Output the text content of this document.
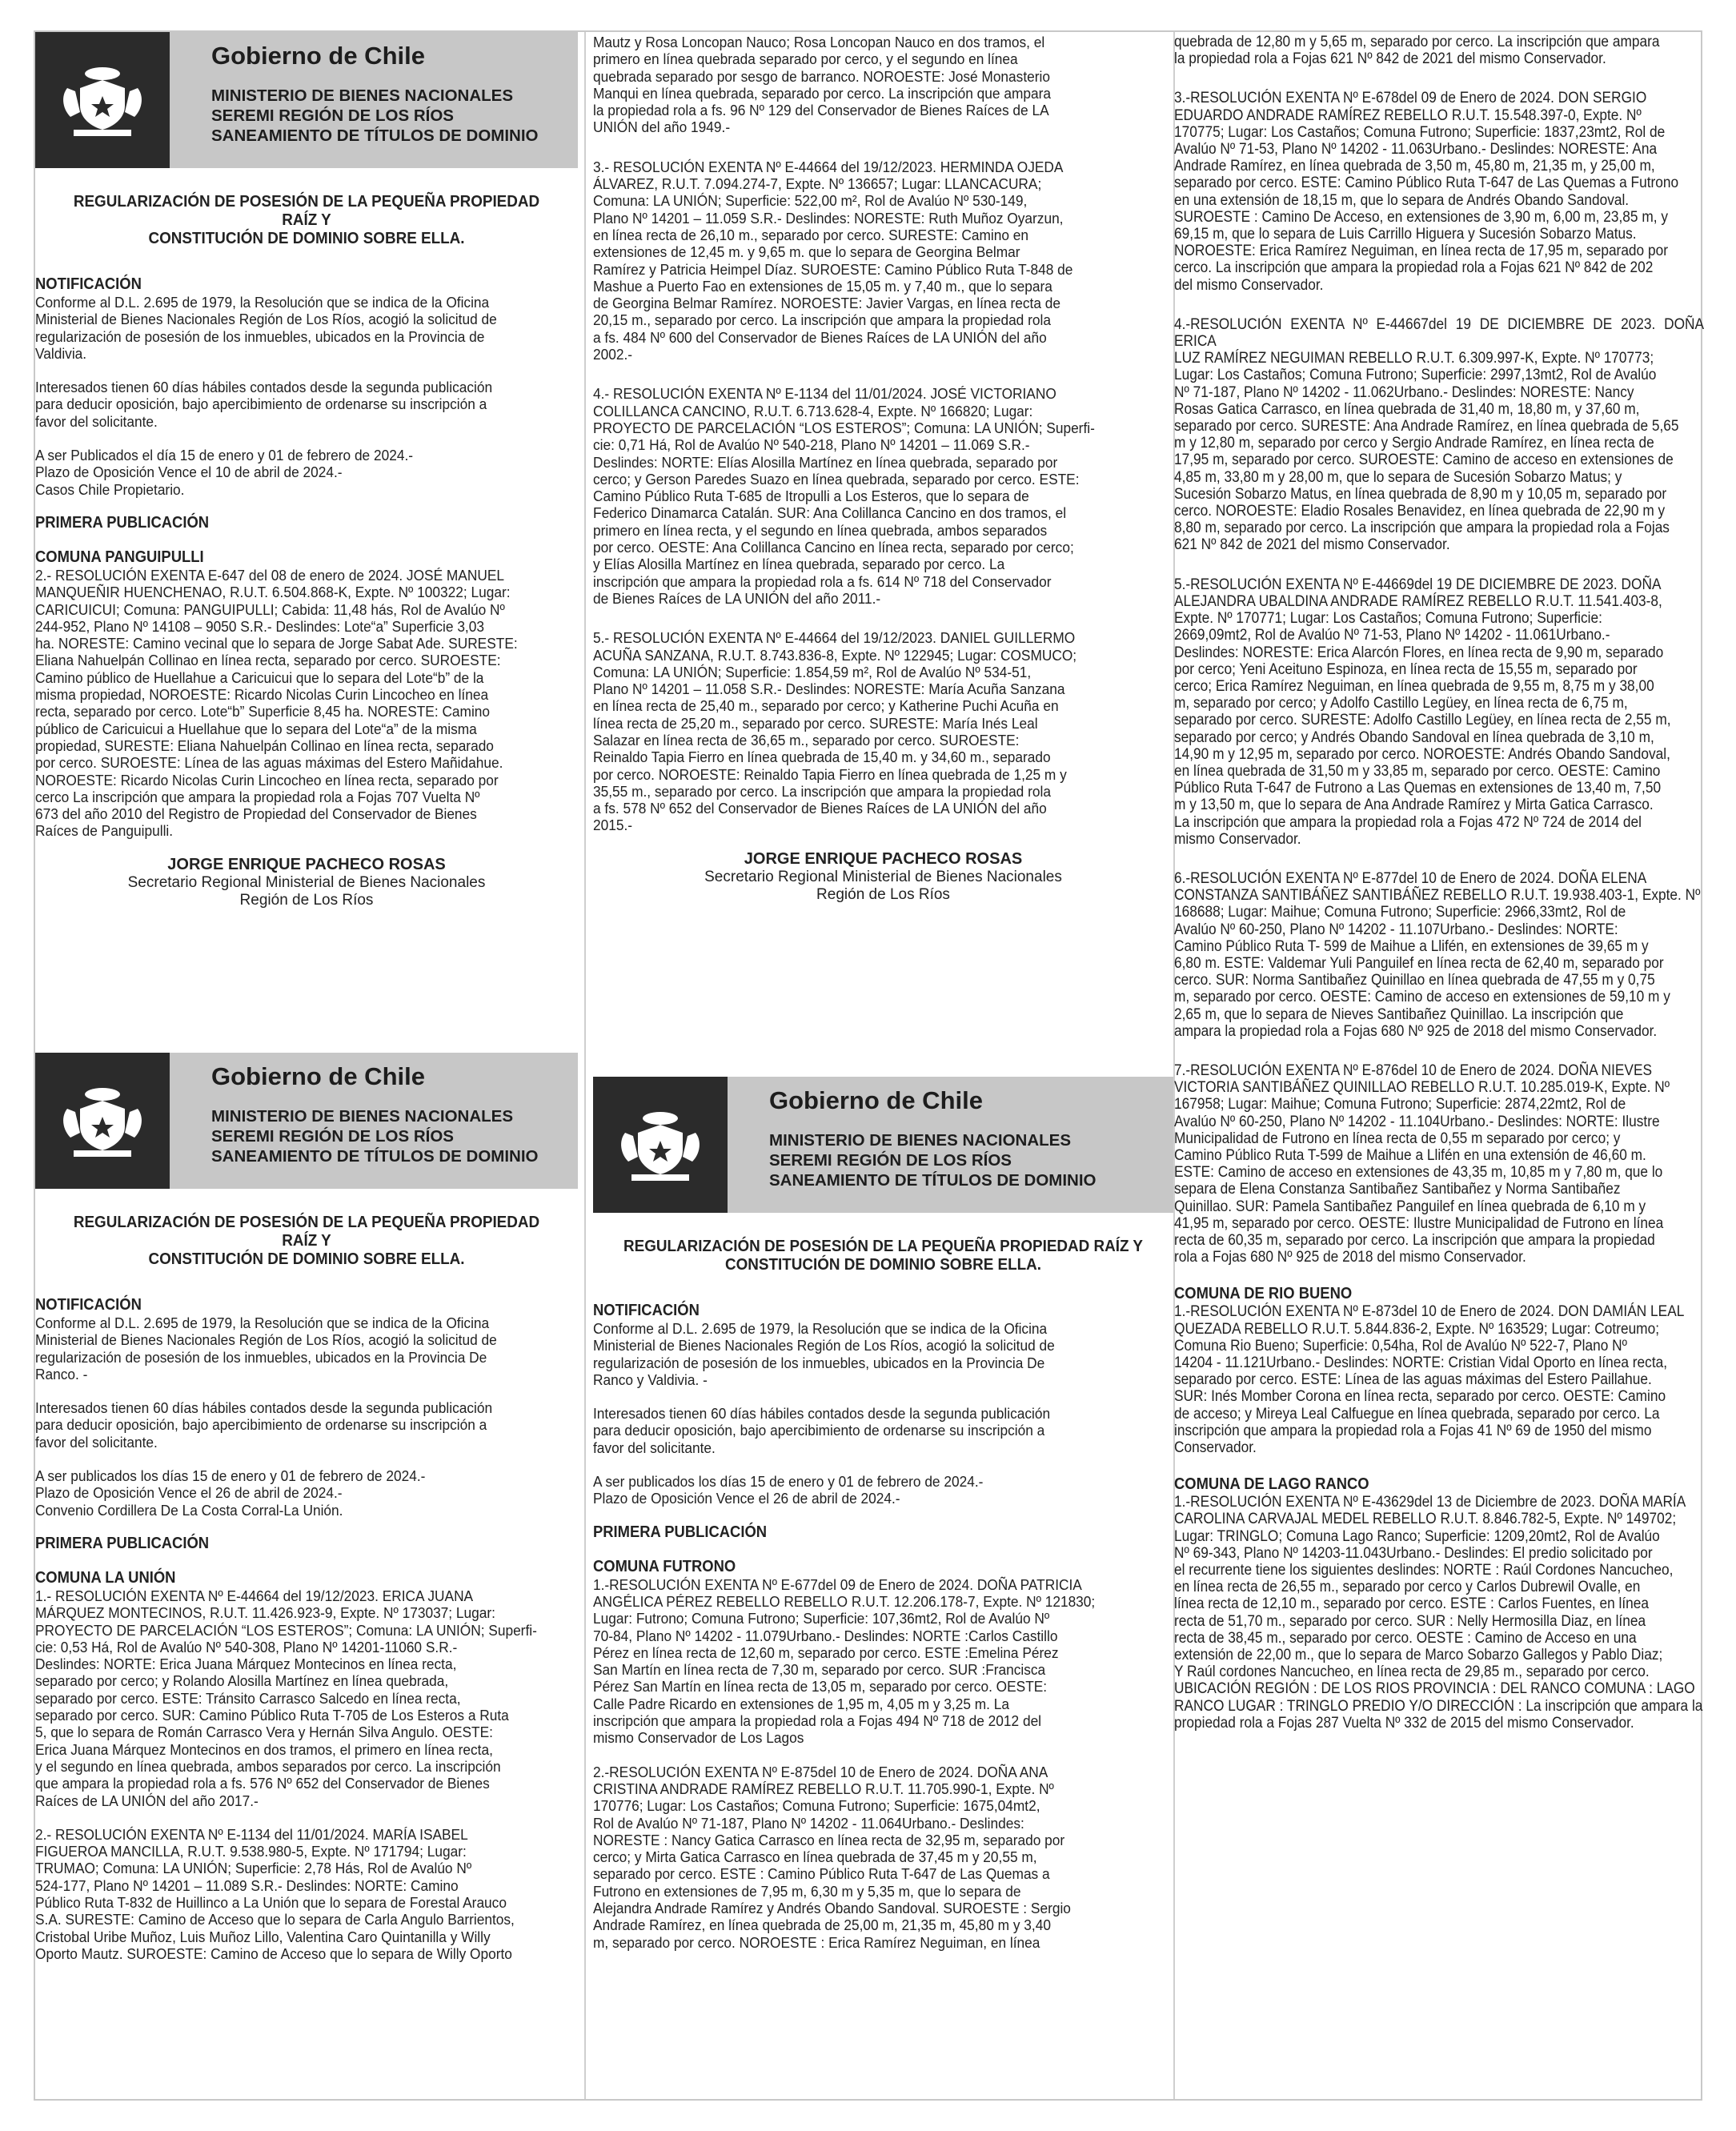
Gobierno de Chile
MINISTERIO DE BIENES NACIONALES
SEREMI REGIÓN DE LOS RÍOS
SANEAMIENTO DE TÍTULOS DE DOMINIO

REGULARIZACIÓN DE POSESIÓN DE LA PEQUEÑA PROPIEDAD RAÍZ Y
CONSTITUCIÓN DE DOMINIO SOBRE ELLA.

NOTIFICACIÓN

Conforme al D.L. 2.695 de 1979, la Resolución que se indica de la Oficina
Ministerial de Bienes Nacionales Región de Los Ríos, acogió la solicitud de
regularización de posesión de los inmuebles, ubicados en la Provincia de
Valdivia.

Interesados tienen 60 días hábiles contados desde la segunda publicación
para deducir oposición, bajo apercibimiento de ordenarse su inscripción a
favor del solicitante.

A ser Publicados el día 15 de enero y 01 de febrero de 2024.-
Plazo de Oposición Vence el 10 de abril de 2024.-
Casos Chile Propietario.

PRIMERA PUBLICACIÓN
COMUNA PANGUIPULLI

2.- RESOLUCIÓN EXENTA E-647 del 08 de enero de 2024. JOSÉ MANUEL
MANQUEÑIR HUENCHENAO, R.U.T. 6.504.868-K, Expte. Nº 100322; Lugar:
CARICUICUI; Comuna: PANGUIPULLI; Cabida: 11,48 hás, Rol de Avalúo Nº
244-952, Plano Nº 14108 – 9050 S.R.- Deslindes: Lote“a” Superficie 3,03
ha. NORESTE: Camino vecinal que lo separa de Jorge Sabat Ade. SURESTE:
Eliana Nahuelpán Collinao en línea recta, separado por cerco. SUROESTE:
Camino público de Huellahue a Caricuicui que lo separa del Lote“b” de la
misma propiedad, NOROESTE: Ricardo Nicolas Curin Lincocheo en línea
recta, separado por cerco. Lote“b” Superficie 8,45 ha. NORESTE: Camino
público de Caricuicui a Huellahue que lo separa del Lote“a” de la misma
propiedad, SURESTE: Eliana Nahuelpán Collinao en línea recta, separado
por cerco. SUROESTE: Línea de las aguas máximas del Estero Mañidahue.
NOROESTE: Ricardo Nicolas Curin Lincocheo en línea recta, separado por
cerco La inscripción que ampara la propiedad rola a Fojas 707 Vuelta Nº
673 del año 2010 del Registro de Propiedad del Conservador de Bienes
Raíces de Panguipulli.

JORGE ENRIQUE PACHECO ROSAS
Secretario Regional Ministerial de Bienes Nacionales
Región de Los Ríos
Gobierno de Chile
MINISTERIO DE BIENES NACIONALES
SEREMI REGIÓN DE LOS RÍOS
SANEAMIENTO DE TÍTULOS DE DOMINIO

REGULARIZACIÓN DE POSESIÓN DE LA PEQUEÑA PROPIEDAD RAÍZ Y
CONSTITUCIÓN DE DOMINIO SOBRE ELLA.

NOTIFICACIÓN

Conforme al D.L. 2.695 de 1979, la Resolución que se indica de la Oficina
Ministerial de Bienes Nacionales Región de Los Ríos, acogió la solicitud de
regularización de posesión de los inmuebles, ubicados en la Provincia De
Ranco. -

Interesados tienen 60 días hábiles contados desde la segunda publicación
para deducir oposición, bajo apercibimiento de ordenarse su inscripción a
favor del solicitante.

A ser publicados los días 15 de enero y 01 de febrero de 2024.-
Plazo de Oposición Vence el 26 de abril de 2024.-
Convenio Cordillera De La Costa Corral-La Unión.

PRIMERA PUBLICACIÓN
COMUNA LA UNIÓN

1.- RESOLUCIÓN EXENTA Nº E-44664 del 19/12/2023. ERICA JUANA
MÁRQUEZ MONTECINOS, R.U.T. 11.426.923-9, Expte. Nº 173037; Lugar:
PROYECTO DE PARCELACIÓN “LOS ESTEROS”; Comuna: LA UNIÓN; Superfi-
cie: 0,53 Há, Rol de Avalúo Nº 540-308, Plano Nº 14201-11060 S.R.-
Deslindes: NORTE: Erica Juana Márquez Montecinos en línea recta,
separado por cerco; y Rolando Alosilla Martínez en línea quebrada,
separado por cerco. ESTE: Tránsito Carrasco Salcedo en línea recta,
separado por cerco. SUR: Camino Público Ruta T-705 de Los Esteros a Ruta
5, que lo separa de Román Carrasco Vera y Hernán Silva Angulo. OESTE:
Erica Juana Márquez Montecinos en dos tramos, el primero en línea recta,
y el segundo en línea quebrada, ambos separados por cerco. La inscripción
que ampara la propiedad rola a fs. 576 Nº 652 del Conservador de Bienes
Raíces de LA UNIÓN del año 2017.-

2.- RESOLUCIÓN EXENTA Nº E-1134 del 11/01/2024. MARÍA ISABEL
FIGUEROA MANCILLA, R.U.T. 9.538.980-5, Expte. Nº 171794; Lugar:
TRUMAO; Comuna: LA UNIÓN; Superficie: 2,78 Hás, Rol de Avalúo Nº
524-177, Plano Nº 14201 – 11.089 S.R.- Deslindes: NORTE: Camino
Público Ruta T-832 de Huillinco a La Unión que lo separa de Forestal Arauco
S.A. SURESTE: Camino de Acceso que lo separa de Carla Angulo Barrientos,
Cristobal Uribe Muñoz, Luis Muñoz Lillo, Valentina Caro Quintanilla y Willy
Oporto Mautz. SUROESTE: Camino de Acceso que lo separa de Willy Oporto

Mautz y Rosa Loncopan Nauco; Rosa Loncopan Nauco en dos tramos, el
primero en línea quebrada separado por cerco, y el segundo en línea
quebrada separado por sesgo de barranco. NOROESTE: José Monasterio
Manqui en línea quebrada, separado por cerco. La inscripción que ampara
la propiedad rola a fs. 96 Nº 129 del Conservador de Bienes Raíces de LA
UNIÓN del año 1949.-

3.- RESOLUCIÓN EXENTA Nº E-44664 del 19/12/2023. HERMINDA OJEDA
ÁLVAREZ, R.U.T. 7.094.274-7, Expte. Nº 136657; Lugar: LLANCACURA;
Comuna: LA UNIÓN; Superficie: 522,00 m², Rol de Avalúo Nº 530-149,
Plano Nº 14201 – 11.059 S.R.- Deslindes: NORESTE: Ruth Muñoz Oyarzun,
en línea recta de 26,10 m., separado por cerco. SURESTE: Camino en
extensiones de 12,45 m. y 9,65 m. que lo separa de Georgina Belmar
Ramírez y Patricia Heimpel Díaz. SUROESTE: Camino Público Ruta T-848 de
Mashue a Puerto Fao en extensiones de 15,05 m. y 7,40 m., que lo separa
de Georgina Belmar Ramírez. NOROESTE: Javier Vargas, en línea recta de
20,15 m., separado por cerco. La inscripción que ampara la propiedad rola
a fs. 484 Nº 600 del Conservador de Bienes Raíces de LA UNIÓN del año
2002.-

4.- RESOLUCIÓN EXENTA Nº E-1134 del 11/01/2024. JOSÉ VICTORIANO
COLILLANCA CANCINO, R.U.T. 6.713.628-4, Expte. Nº 166820; Lugar:
PROYECTO DE PARCELACIÓN “LOS ESTEROS”; Comuna: LA UNIÓN; Superfi-
cie: 0,71 Há, Rol de Avalúo Nº 540-218, Plano Nº 14201 – 11.069 S.R.-
Deslindes: NORTE: Elías Alosilla Martínez en línea quebrada, separado por
cerco; y Gerson Paredes Suazo en línea quebrada, separado por cerco. ESTE:
Camino Público Ruta T-685 de Itropulli a Los Esteros, que lo separa de
Federico Dinamarca Catalán. SUR: Ana Colillanca Cancino en dos tramos, el
primero en línea recta, y el segundo en línea quebrada, ambos separados
por cerco. OESTE: Ana Colillanca Cancino en línea recta, separado por cerco;
y Elías Alosilla Martínez en línea quebrada, separado por cerco. La
inscripción que ampara la propiedad rola a fs. 614 Nº 718 del Conservador
de Bienes Raíces de LA UNIÓN del año 2011.-

5.- RESOLUCIÓN EXENTA Nº E-44664 del 19/12/2023. DANIEL GUILLERMO
ACUÑA SANZANA, R.U.T. 8.743.836-8, Expte. Nº 122945; Lugar: COSMUCO;
Comuna: LA UNIÓN; Superficie: 1.854,59 m², Rol de Avalúo Nº 534-51,
Plano Nº 14201 – 11.058 S.R.- Deslindes: NORESTE: María Acuña Sanzana
en línea recta de 25,40 m., separado por cerco; y Katherine Puchi Acuña en
línea recta de 25,20 m., separado por cerco. SURESTE: María Inés Leal
Salazar en línea recta de 36,65 m., separado por cerco. SUROESTE:
Reinaldo Tapia Fierro en línea quebrada de 15,40 m. y 34,60 m., separado
por cerco. NOROESTE: Reinaldo Tapia Fierro en línea quebrada de 1,25 m y
35,55 m., separado por cerco. La inscripción que ampara la propiedad rola
a fs. 578 Nº 652 del Conservador de Bienes Raíces de LA UNIÓN del año
2015.-

JORGE ENRIQUE PACHECO ROSAS
Secretario Regional Ministerial de Bienes Nacionales
Región de Los Ríos
Gobierno de Chile
MINISTERIO DE BIENES NACIONALES
SEREMI REGIÓN DE LOS RÍOS
SANEAMIENTO DE TÍTULOS DE DOMINIO

REGULARIZACIÓN DE POSESIÓN DE LA PEQUEÑA PROPIEDAD RAÍZ Y
CONSTITUCIÓN DE DOMINIO SOBRE ELLA.

NOTIFICACIÓN

Conforme al D.L. 2.695 de 1979, la Resolución que se indica de la Oficina
Ministerial de Bienes Nacionales Región de Los Ríos, acogió la solicitud de
regularización de posesión de los inmuebles, ubicados en la Provincia De
Ranco y Valdivia. -

Interesados tienen 60 días hábiles contados desde la segunda publicación
para deducir oposición, bajo apercibimiento de ordenarse su inscripción a
favor del solicitante.

A ser publicados los días 15 de enero y 01 de febrero de 2024.-
Plazo de Oposición Vence el 26 de abril de 2024.-

PRIMERA PUBLICACIÓN
COMUNA FUTRONO

1.-RESOLUCIÓN EXENTA Nº E-677del 09 de Enero de 2024. DOÑA PATRICIA
ANGÉLICA PÉREZ REBELLO REBELLO R.U.T. 12.206.178-7, Expte. Nº 121830;
Lugar: Futrono; Comuna Futrono; Superficie: 107,36mt2, Rol de Avalúo Nº
70-84, Plano Nº 14202 - 11.079Urbano.- Deslindes: NORTE :Carlos Castillo
Pérez en línea recta de 12,60 m, separado por cerco. ESTE :Emelina Pérez
San Martín en línea recta de 7,30 m, separado por cerco. SUR :Francisca
Pérez San Martín en línea recta de 13,05 m, separado por cerco. OESTE:
Calle Padre Ricardo en extensiones de 1,95 m, 4,05 m y 3,25 m. La
inscripción que ampara la propiedad rola a Fojas 494 Nº 718 de 2012 del
mismo Conservador de Los Lagos

2.-RESOLUCIÓN EXENTA Nº E-875del 10 de Enero de 2024. DOÑA ANA
CRISTINA ANDRADE RAMÍREZ REBELLO R.U.T. 11.705.990-1, Expte. Nº
170776; Lugar: Los Castaños; Comuna Futrono; Superficie: 1675,04mt2,
Rol de Avalúo Nº 71-187, Plano Nº 14202 - 11.064Urbano.- Deslindes:
NORESTE : Nancy Gatica Carrasco en línea recta de 32,95 m, separado por
cerco; y Mirta Gatica Carrasco en línea quebrada de 37,45 m y 20,55 m,
separado por cerco. ESTE : Camino Público Ruta T-647 de Las Quemas a
Futrono en extensiones de 7,95 m, 6,30 m y 5,35 m, que lo separa de
Alejandra Andrade Ramírez y Andrés Obando Sandoval. SUROESTE : Sergio
Andrade Ramírez, en línea quebrada de 25,00 m, 21,35 m, 45,80 m y 3,40
m, separado por cerco. NOROESTE : Erica Ramírez Neguiman, en línea

quebrada de 12,80 m y 5,65 m, separado por cerco. La inscripción que ampara
la propiedad rola a Fojas 621 Nº 842 de 2021 del mismo Conservador.

3.-RESOLUCIÓN EXENTA Nº E-678del 09 de Enero de 2024. DON SERGIO
EDUARDO ANDRADE RAMÍREZ REBELLO R.U.T. 15.548.397-0, Expte. Nº
170775; Lugar: Los Castaños; Comuna Futrono; Superficie: 1837,23mt2, Rol de
Avalúo Nº 71-53, Plano Nº 14202 - 11.063Urbano.- Deslindes: NORESTE: Ana
Andrade Ramírez, en línea quebrada de 3,50 m, 45,80 m, 21,35 m, y 25,00 m,
separado por cerco. ESTE: Camino Público Ruta T-647 de Las Quemas a Futrono
en una extensión de 18,15 m, que lo separa de Andrés Obando Sandoval.
SUROESTE : Camino De Acceso, en extensiones de 3,90 m, 6,00 m, 23,85 m, y
69,15 m, que lo separa de Luis Carrillo Higuera y Sucesión Sobarzo Matus.
NOROESTE: Erica Ramírez Neguiman, en línea recta de 17,95 m, separado por
cerco. La inscripción que ampara la propiedad rola a Fojas 621 Nº 842 de 202
del mismo Conservador.

4.-RESOLUCIÓN EXENTA Nº E-44667del 19 DE DICIEMBRE DE 2023. DOÑA ERICA
LUZ RAMÍREZ NEGUIMAN REBELLO R.U.T. 6.309.997-K, Expte. Nº 170773;
Lugar: Los Castaños; Comuna Futrono; Superficie: 2997,13mt2, Rol de Avalúo
Nº 71-187, Plano Nº 14202 - 11.062Urbano.- Deslindes: NORESTE: Nancy
Rosas Gatica Carrasco, en línea quebrada de 31,40 m, 18,80 m, y 37,60 m,
separado por cerco. SURESTE: Ana Andrade Ramírez, en línea quebrada de 5,65
m y 12,80 m, separado por cerco y Sergio Andrade Ramírez, en línea recta de
17,95 m, separado por cerco. SUROESTE: Camino de acceso en extensiones de
4,85 m, 33,80 m y 28,00 m, que lo separa de Sucesión Sobarzo Matus; y
Sucesión Sobarzo Matus, en línea quebrada de 8,90 m y 10,05 m, separado por
cerco. NOROESTE: Eladio Rosales Benavidez, en línea quebrada de 22,90 m y
8,80 m, separado por cerco. La inscripción que ampara la propiedad rola a Fojas
621 Nº 842 de 2021 del mismo Conservador.

5.-RESOLUCIÓN EXENTA Nº E-44669del 19 DE DICIEMBRE DE 2023. DOÑA
ALEJANDRA UBALDINA ANDRADE RAMÍREZ REBELLO R.U.T. 11.541.403-8,
Expte. Nº 170771; Lugar: Los Castaños; Comuna Futrono; Superficie:
2669,09mt2, Rol de Avalúo Nº 71-53, Plano Nº 14202 - 11.061Urbano.-
Deslindes: NORESTE: Erica Alarcón Flores, en línea recta de 9,90 m, separado
por cerco; Yeni Aceituno Espinoza, en línea recta de 15,55 m, separado por
cerco; Erica Ramírez Neguiman, en línea quebrada de 9,55 m, 8,75 m y 38,00
m, separado por cerco; y Adolfo Castillo Legüey, en línea recta de 6,75 m,
separado por cerco. SURESTE: Adolfo Castillo Legüey, en línea recta de 2,55 m,
separado por cerco; y Andrés Obando Sandoval en línea quebrada de 3,10 m,
14,90 m y 12,95 m, separado por cerco. NOROESTE: Andrés Obando Sandoval,
en línea quebrada de 31,50 m y 33,85 m, separado por cerco. OESTE: Camino
Público Ruta T-647 de Futrono a Las Quemas en extensiones de 13,40 m, 7,50
m y 13,50 m, que lo separa de Ana Andrade Ramírez y Mirta Gatica Carrasco.
La inscripción que ampara la propiedad rola a Fojas 472 Nº 724 de 2014 del
mismo Conservador.

6.-RESOLUCIÓN EXENTA Nº E-877del 10 de Enero de 2024. DOÑA ELENA
CONSTANZA SANTIBÁÑEZ SANTIBÁÑEZ REBELLO R.U.T. 19.938.403-1, Expte. Nº
168688; Lugar: Maihue; Comuna Futrono; Superficie: 2966,33mt2, Rol de
Avalúo Nº 60-250, Plano Nº 14202 - 11.107Urbano.- Deslindes: NORTE:
Camino Público Ruta T- 599 de Maihue a Llifén, en extensiones de 39,65 m y
6,80 m. ESTE: Valdemar Yuli Panguilef en línea recta de 62,40 m, separado por
cerco. SUR: Norma Santibañez Quinillao en línea quebrada de 47,55 m y 0,75
m, separado por cerco. OESTE: Camino de acceso en extensiones de 59,10 m y
2,65 m, que lo separa de Nieves Santibañez Quinillao. La inscripción que
ampara la propiedad rola a Fojas 680 Nº 925 de 2018 del mismo Conservador.

7.-RESOLUCIÓN EXENTA Nº E-876del 10 de Enero de 2024. DOÑA NIEVES
VICTORIA SANTIBÁÑEZ QUINILLAO REBELLO R.U.T. 10.285.019-K, Expte. Nº
167958; Lugar: Maihue; Comuna Futrono; Superficie: 2874,22mt2, Rol de
Avalúo Nº 60-250, Plano Nº 14202 - 11.104Urbano.- Deslindes: NORTE: Ilustre
Municipalidad de Futrono en línea recta de 0,55 m separado por cerco; y
Camino Público Ruta T-599 de Maihue a Llifén en una extensión de 46,60 m.
ESTE: Camino de acceso en extensiones de 43,35 m, 10,85 m y 7,80 m, que lo
separa de Elena Constanza Santibañez Santibañez y Norma Santibañez
Quinillao. SUR: Pamela Santibañez Panguilef en línea quebrada de 6,10 m y
41,95 m, separado por cerco. OESTE: Ilustre Municipalidad de Futrono en línea
recta de 60,35 m, separado por cerco. La inscripción que ampara la propiedad
rola a Fojas 680 Nº 925 de 2018 del mismo Conservador.

COMUNA DE RIO BUENO

1.-RESOLUCIÓN EXENTA Nº E-873del 10 de Enero de 2024. DON DAMIÁN LEAL
QUEZADA REBELLO R.U.T. 5.844.836-2, Expte. Nº 163529; Lugar: Cotreumo;
Comuna Rio Bueno; Superficie: 0,54ha, Rol de Avalúo Nº 522-7, Plano Nº
14204 - 11.121Urbano.- Deslindes: NORTE: Cristian Vidal Oporto en línea recta,
separado por cerco. ESTE: Línea de las aguas máximas del Estero Paillahue.
SUR: Inés Momber Corona en línea recta, separado por cerco. OESTE: Camino
de acceso; y Mireya Leal Calfuegue en línea quebrada, separado por cerco. La
inscripción que ampara la propiedad rola a Fojas 41 Nº 69 de 1950 del mismo
Conservador.

COMUNA DE LAGO RANCO

1.-RESOLUCIÓN EXENTA Nº E-43629del 13 de Diciembre de 2023. DOÑA MARÍA
CAROLINA CARVAJAL MEDEL REBELLO R.U.T. 8.846.782-5, Expte. Nº 149702;
Lugar: TRINGLO; Comuna Lago Ranco; Superficie: 1209,20mt2, Rol de Avalúo
Nº 69-343, Plano Nº 14203-11.043Urbano.- Deslindes: El predio solicitado por
el recurrente tiene los siguientes deslindes: NORTE : Raúl Cordones Nancucheo,
en línea recta de 26,55 m., separado por cerco y Carlos Dubrewil Ovalle, en
línea recta de 12,10 m., separado por cerco. ESTE : Carlos Fuentes, en línea
recta de 51,70 m., separado por cerco. SUR : Nelly Hermosilla Diaz, en línea
recta de 38,45 m., separado por cerco. OESTE : Camino de Acceso en una
extensión de 22,00 m., que lo separa de Marco Sobarzo Gallegos y Pablo Diaz;
Y Raúl cordones Nancucheo, en línea recta de 29,85 m., separado por cerco.
UBICACIÓN REGIÓN : DE LOS RIOS PROVINCIA : DEL RANCO COMUNA : LAGO
RANCO LUGAR : TRINGLO PREDIO Y/O DIRECCIÓN : La inscripción que ampara la
propiedad rola a Fojas 287 Vuelta Nº 332 de 2015 del mismo Conservador.
